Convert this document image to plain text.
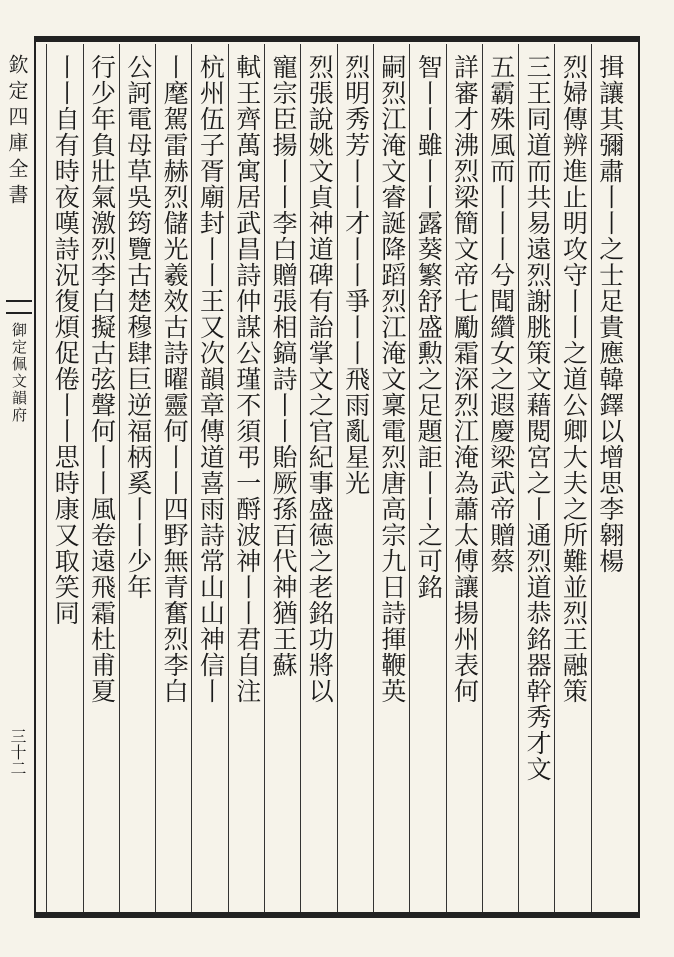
欽定四庫全書
御定佩文韻府
三十二
揖讓其彌肅丨丨之士足貴應韓鐸以增思李翱楊
烈婦傳辨進止明攻守丨丨之道公卿大夫之所難並烈王融策
三王同道而共易遠烈謝朓策文藉閱宮之丨通烈道恭銘器幹秀才文
五霸殊風而丨丨丨兮聞纘女之遐慶梁武帝贈蔡
詳審才沸烈梁簡文帝七勵霜深烈江淹為蕭太傅讓揚州表何
智丨丨雖丨丨露葵繁舒盛勲之足題詎丨丨之可銘
嗣烈江淹文睿誕降蹈烈江淹文稟電烈唐高宗九日詩揮鞭英
烈明秀芳丨丨才丨丨爭丨丨飛雨亂星光
烈張說姚文貞神道碑有詒掌文之官紀事盛德之老銘功將以
寵宗臣揚丨丨李白贈張相鎬詩丨丨貽厥孫百代神猶王蘇
軾王齊萬寓居武昌詩仲謀公瑾不須弔一酹波神丨丨君自注
杭州伍子胥廟封丨丨王又次韻章傳道喜雨詩常山山神信丨
丨麾駕雷赫烈儲光羲效古詩曜靈何丨丨四野無青奮烈李白
公訶電母草吳筠覽古楚穆肆巨逆福柄奚丨丨少年
行少年負壯氣激烈李白擬古弦聲何丨丨風卷遠飛霜杜甫夏
丨丨自有時夜嘆詩況復煩促倦丨丨思時康又取笑同
